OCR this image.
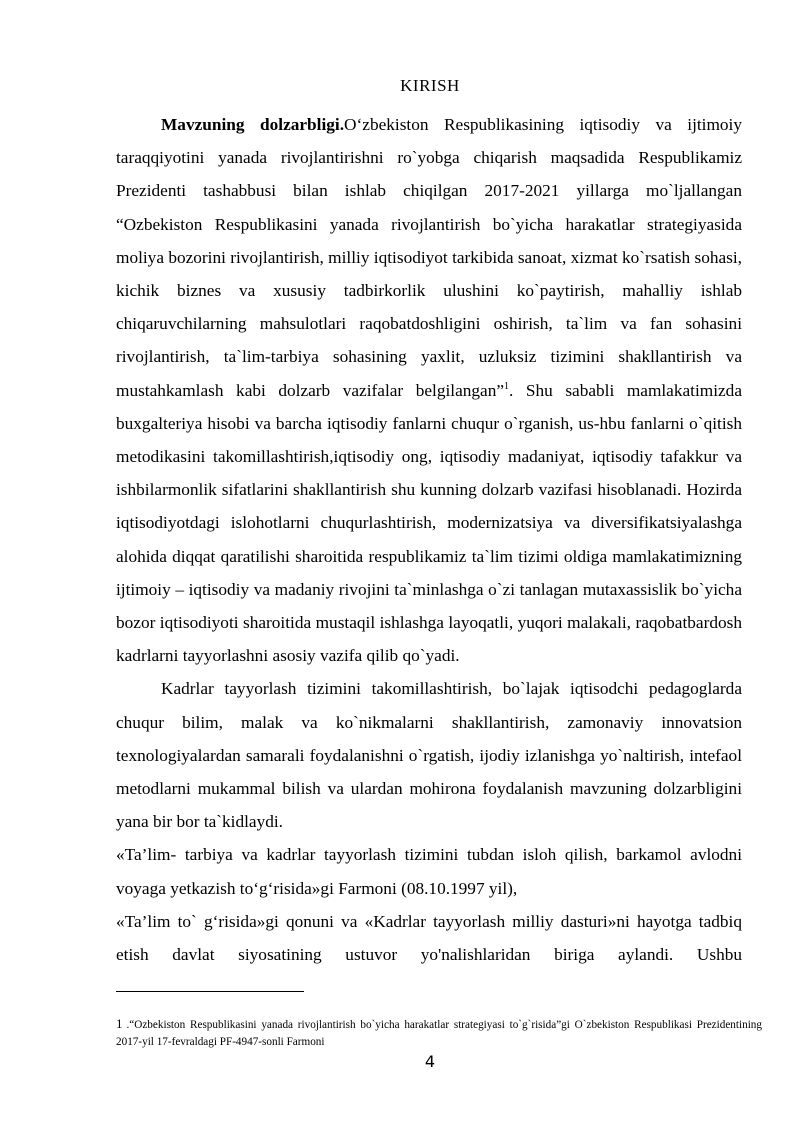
KIRISH

Mavzuning dolzarbligi.O‘zbekiston Respublikasining iqtisodiy va ijtimoiy taraqqiyotini yanada rivojlantirishni ro`yobga chiqarish maqsadida Respublikamiz Prezidenti tashabbusi bilan ishlab chiqilgan 2017-2021 yillarga mo`ljallangan “Ozbekiston Respublikasini yanada rivojlantirish bo`yicha harakatlar strategiyasida moliya bozorini rivojlantirish, milliy iqtisodiyot tarkibida sanoat, xizmat ko`rsatish sohasi, kichik biznes va xususiy tadbirkorlik ulushini ko`paytirish, mahalliy ishlab chiqaruvchilarning mahsulotlari raqobatdoshligini oshirish, ta`lim va fan sohasini rivojlantirish, ta`lim-tarbiya sohasining yaxlit, uzluksiz tizimini shakllantirish va mustahkamlash kabi dolzarb vazifalar belgilangan”$^1$. Shu sababli mamlakatimizda buxgalteriya hisobi va barcha iqtisodiy fanlarni chuqur o`rganish, us-hbu fanlarni o`qitish metodikasini takomillashtirish,iqtisodiy ong, iqtisodiy madaniyat, iqtisodiy tafakkur va ishbilarmonlik sifatlarini shakllantirish shu kunning dolzarb vazifasi hisoblanadi. Hozirda iqtisodiyotdagi islohotlarni chuqurlashtirish, modernizatsiya va diversifikatsiyalashga alohida diqqat qaratilishi sharoitida respublikamiz ta`lim tizimi oldiga mamlakatimizning ijtimoiy – iqtisodiy va madaniy rivojini ta`minlashga o`zi tanlagan mutaxassislik bo`yicha bozor iqtisodiyoti sharoitida mustaqil ishlashga layoqatli, yuqori malakali, raqobatbardosh kadrlarni tayyorlashni asosiy vazifa qilib qo`yadi.

Kadrlar tayyorlash tizimini takomillashtirish, bo`lajak iqtisodchi pedagoglarda chuqur bilim, malak va ko`nikmalarni shakllantirish, zamonaviy innovatsion texnologiyalardan samarali foydalanishni o`rgatish, ijodiy izlanishga yo`naltirish, intefaol metodlarni mukammal bilish va ulardan mohirona foydalanish mavzuning dolzarbligini yana bir bor ta`kidlaydi.

«Ta’lim- tarbiya va kadrlar tayyorlash tizimini tubdan isloh qilish, barkamol avlodni voyaga yetkazish to‘g‘risida»gi Farmoni (08.10.1997 yil),

«Ta’lim to` g‘risida»gi qonuni va «Kadrlar tayyorlash milliy dasturi»ni hayotga tadbiq etish davlat siyosatining ustuvor yo'nalishlaridan biriga aylandi. Ushbu

1 .“Ozbekiston Respublikasini yanada rivojlantirish bo`yicha harakatlar strategiyasi to`g`risida”gi O`zbekiston Respublikasi Prezidentining 2017-yil 17-fevraldagi PF-4947-sonli Farmoni
4
